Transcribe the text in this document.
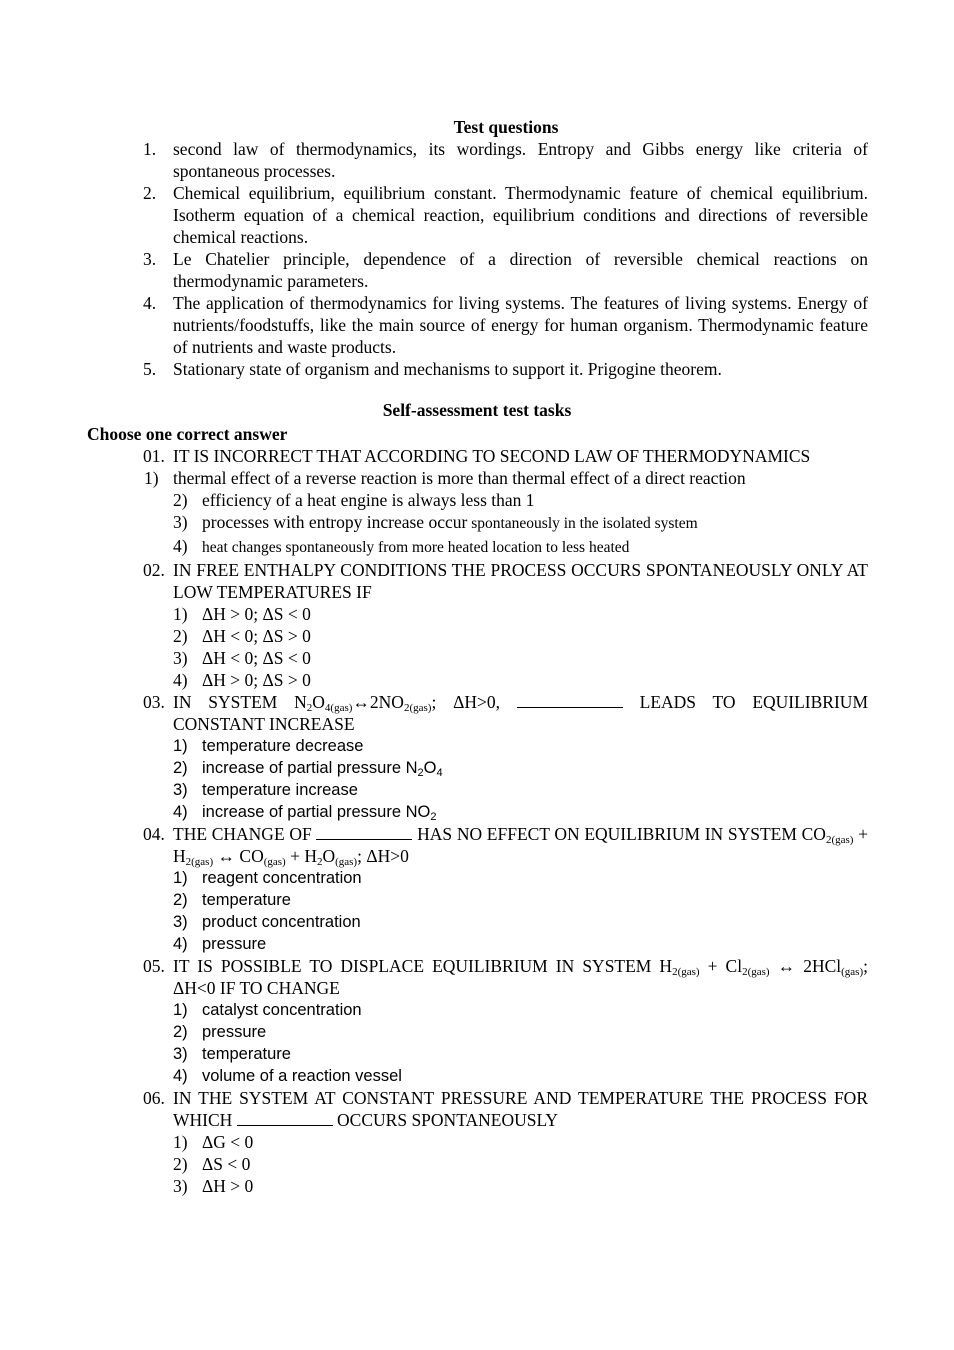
Test questions

1. second law of thermodynamics, its wordings. Entropy and Gibbs energy like criteria of spontaneous processes.

2. Chemical equilibrium, equilibrium constant. Thermodynamic feature of chemical equilibrium. Isotherm equation of a chemical reaction, equilibrium conditions and directions of reversible chemical reactions.

3. Le Chatelier principle, dependence of a direction of reversible chemical reactions on thermodynamic parameters.

4. The application of thermodynamics for living systems. The features of living systems. Energy of nutrients/foodstuffs, like the main source of energy for human organism. Thermodynamic feature of nutrients and waste products.

5. Stationary state of organism and mechanisms to support it. Prigogine theorem.

Self-assessment test tasks

Choose one correct answer
01. IT IS INCORRECT THAT ACCORDING TO SECOND LAW OF THERMODYNAMICS
1) thermal effect of a reverse reaction is more than thermal effect of a direct reaction
2) efficiency of a heat engine is always less than 1
3) processes with entropy increase occur spontaneously in the isolated system
4) heat changes spontaneously from more heated location to less heated
02. IN FREE ENTHALPY CONDITIONS THE PROCESS OCCURS SPONTANEOUSLY ONLY AT LOW TEMPERATURES IF
1) ΔH > 0; ΔS < 0
2) ΔH < 0; ΔS > 0
3) ΔH < 0; ΔS < 0
4) ΔH > 0; ΔS > 0
03. IN SYSTEM $N_2O_{4(gas)}\leftrightarrow 2NO_{2(gas)}$; ΔH>0,	LEADS TO EQUILIBRIUM CONSTANT INCREASE
1) temperature decrease
2) increase of partial pressure $N_2O_4$
3) temperature increase
4) increase of partial pressure $NO_2$
04. THE CHANGE OF	HAS NO EFFECT ON EQUILIBRIUM IN SYSTEM $CO_{2(gas)} + H_{2(gas)}$ ↔ $CO_{(gas)} + H_2O_{(gas)}$; ΔH>0
1) reagent concentration
2) temperature
3) product concentration
4) pressure
05. IT IS POSSIBLE TO DISPLACE EQUILIBRIUM IN SYSTEM $H_{2(gas)} + Cl_{2(gas)}$ ↔ 2HCl$_{(gas)}$; ΔH<0 IF TO CHANGE
1) catalyst concentration
2) pressure
3) temperature
4) volume of a reaction vessel
06. IN THE SYSTEM AT CONSTANT PRESSURE AND TEMPERATURE THE PROCESS FOR WHICH	OCCURS SPONTANEOUSLY
1) ΔG < 0
2) ΔS < 0
3) ΔH > 0
